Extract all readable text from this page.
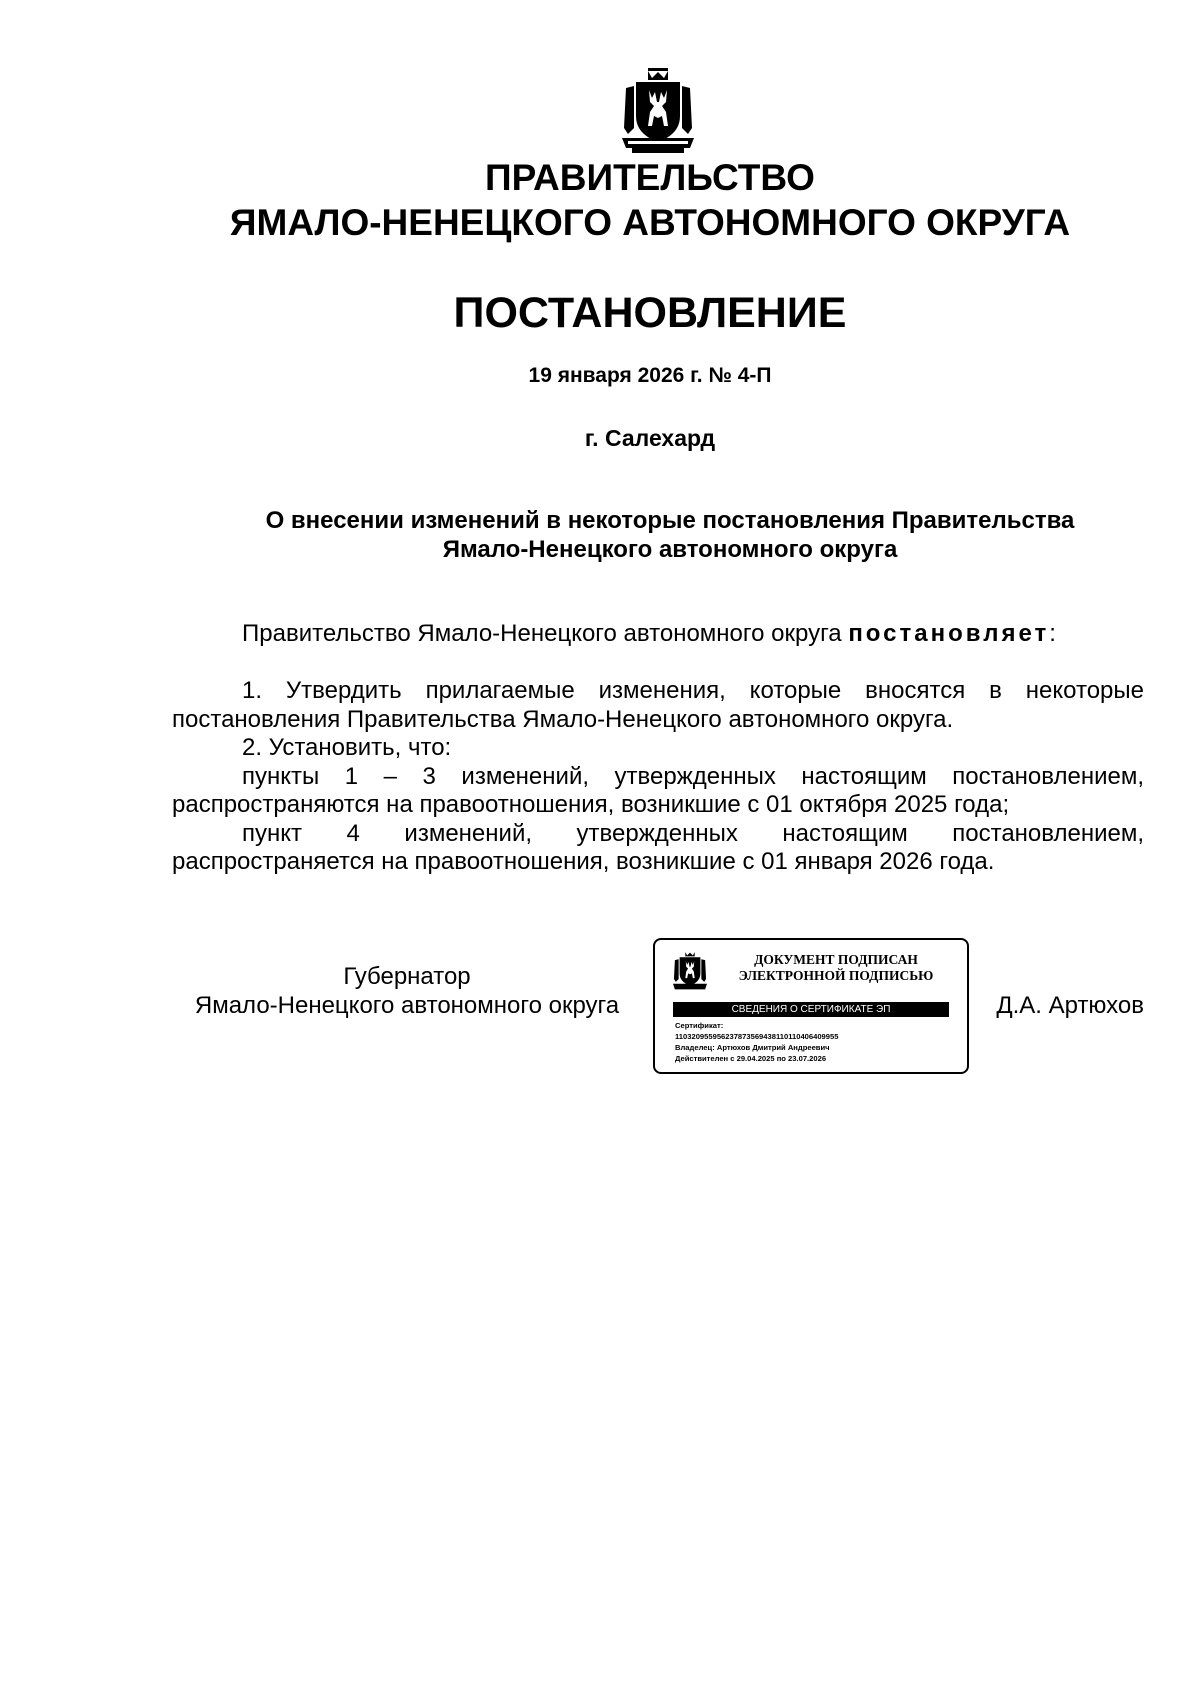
ПРАВИТЕЛЬСТВО
ЯМАЛО-НЕНЕЦКОГО АВТОНОМНОГО ОКРУГА
ПОСТАНОВЛЕНИЕ
19 января 2026 г. № 4-П
г. Салехард
О внесении изменений в некоторые постановления Правительства
Ямало-Ненецкого автономного округа
Правительство Ямало-Ненецкого автономного округа постановляет:

1. Утвердить прилагаемые изменения, которые вносятся в некоторые постановления Правительства Ямало-Ненецкого автономного округа.

2. Установить, что:

пункты 1 – 3 изменений, утвержденных настоящим постановлением, распространяются на правоотношения, возникшие с 01 октября 2025 года;

пункт 4 изменений, утвержденных настоящим постановлением, распространяется на правоотношения, возникшие с 01 января 2026 года.

Губернатор
Ямало-Ненецкого автономного округа
ДОКУМЕНТ ПОДПИСАН
ЭЛЕКТРОННОЙ ПОДПИСЬЮ
СВЕДЕНИЯ О СЕРТИФИКАТЕ ЭП
Сертификат:
110320955956237873569438110110406409955
Владелец: Артюхов Дмитрий Андреевич
Действителен с 29.04.2025 по 23.07.2026
Д.А. Артюхов
